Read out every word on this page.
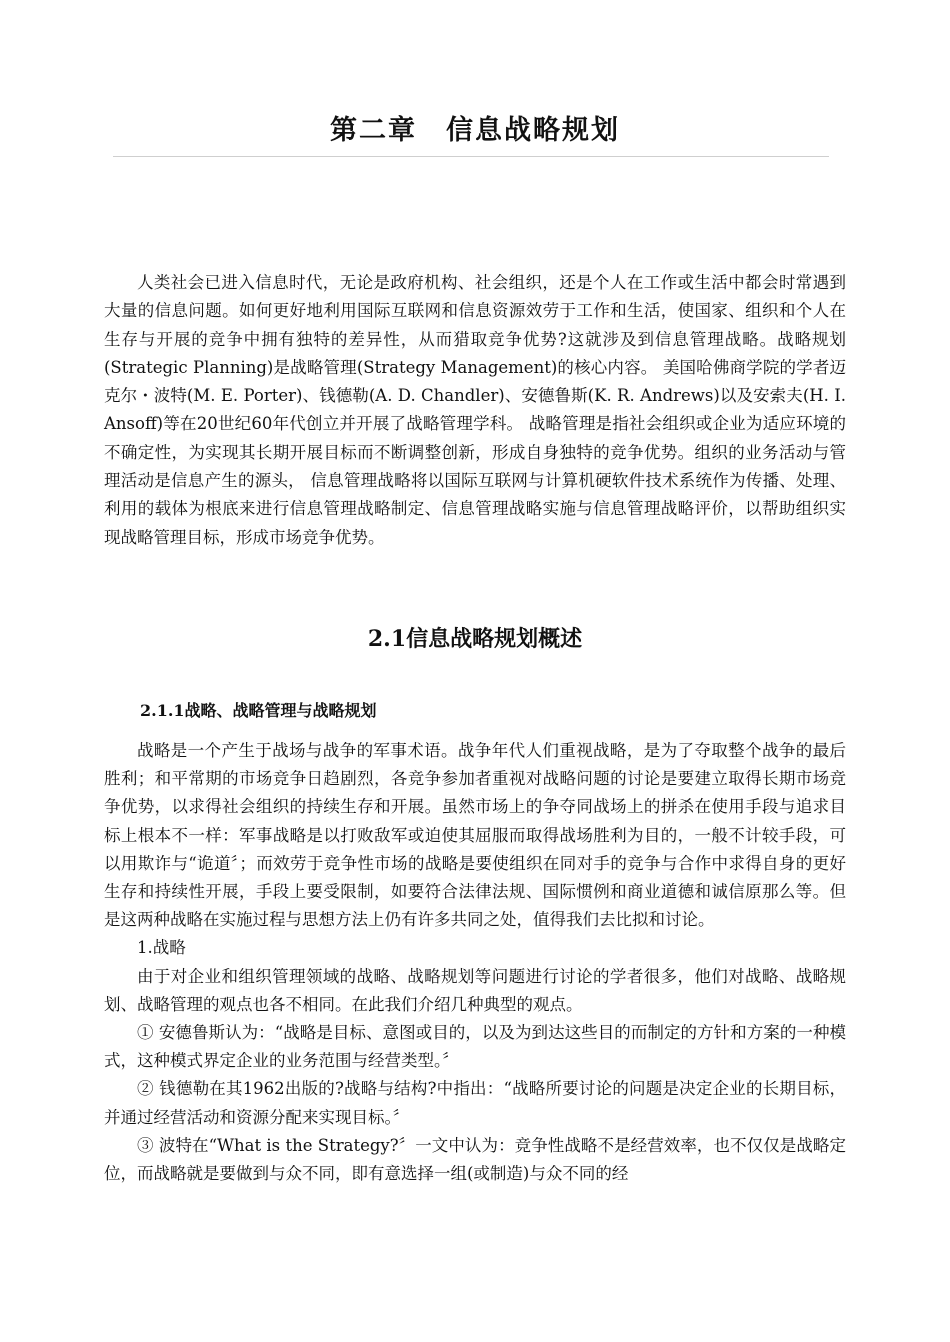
第二章　信息战略规划

人类社会已进入信息时代，无论是政府机构、社会组织，还是个人在工作或生活中都会时常遇到大量的信息问题。如何更好地利用国际互联网和信息资源效劳于工作和生活，使国家、组织和个人在生存与开展的竞争中拥有独特的差异性，从而猎取竞争优势?这就涉及到信息管理战略。战略规划(Strategic Planning)是战略管理(Strategy Management)的核心内容。 美国哈佛商学院的学者迈克尔・波特(M. E. Porter)、钱德勒(A. D. Chandler)、安德鲁斯(K. R. Andrews)以及安索夫(H. I. Ansoff)等在20世纪60年代创立并开展了战略管理学科。 战略管理是指社会组织或企业为适应环境的不确定性，为实现其长期开展目标而不断调整创新，形成自身独特的竞争优势。组织的业务活动与管理活动是信息产生的源头， 信息管理战略将以国际互联网与计算机硬软件技术系统作为传播、处理、利用的载体为根底来进行信息管理战略制定、信息管理战略实施与信息管理战略评价，以帮助组织实现战略管理目标，形成市场竞争优势。

2.1信息战略规划概述
2.1.1战略、战略管理与战略规划

战略是一个产生于战场与战争的军事术语。战争年代人们重视战略，是为了夺取整个战争的最后胜利；和平常期的市场竞争日趋剧烈，各竞争参加者重视对战略问题的讨论是要建立取得长期市场竞争优势，以求得社会组织的持续生存和开展。虽然市场上的争夺同战场上的拼杀在使用手段与追求目标上根本不一样：军事战略是以打败敌军或迫使其屈服而取得战场胜利为目的，一般不计较手段，可以用欺诈与“诡道〞；而效劳于竞争性市场的战略是要使组织在同对手的竞争与合作中求得自身的更好生存和持续性开展，手段上要受限制，如要符合法律法规、国际惯例和商业道德和诚信原那么等。但是这两种战略在实施过程与思想方法上仍有许多共同之处，值得我们去比拟和讨论。

1.战略

由于对企业和组织管理领域的战略、战略规划等问题进行讨论的学者很多，他们对战略、战略规划、战略管理的观点也各不相同。在此我们介绍几种典型的观点。

① 安德鲁斯认为：“战略是目标、意图或目的，以及为到达这些目的而制定的方针和方案的一种模式，这种模式界定企业的业务范围与经营类型。〞

② 钱德勒在其1962出版的?战略与结构?中指出：“战略所要讨论的问题是决定企业的长期目标，并通过经营活动和资源分配来实现目标。〞

③ 波特在“What is the Strategy?〞一文中认为：竞争性战略不是经营效率，也不仅仅是战略定位，而战略就是要做到与众不同，即有意选择一组(或制造)与众不同的经
